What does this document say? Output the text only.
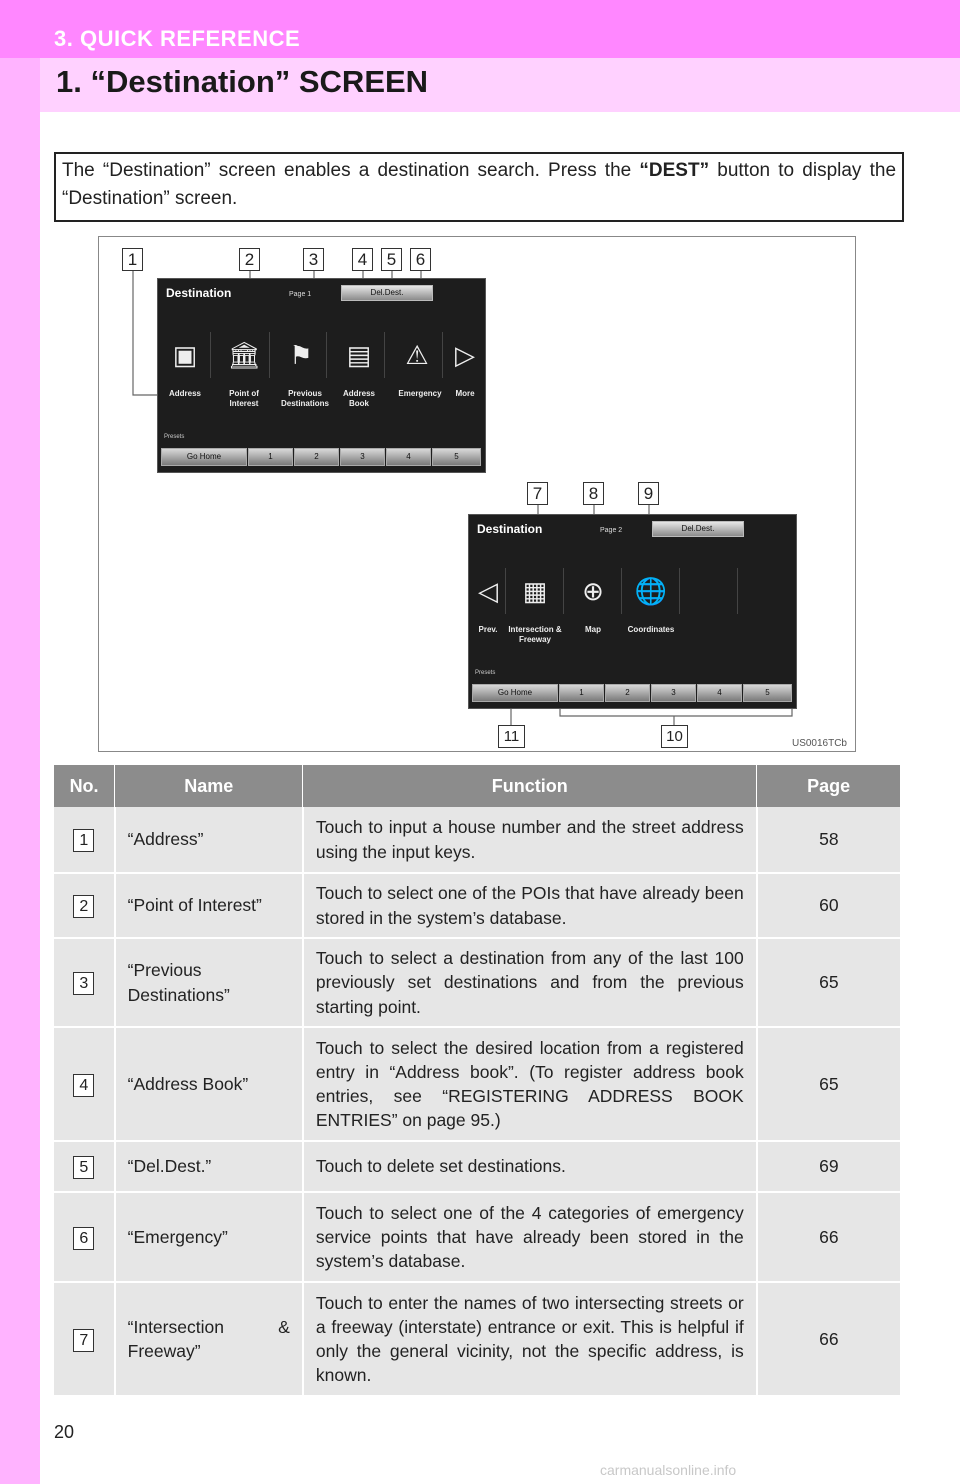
3. QUICK REFERENCE
1. “Destination” SCREEN
The “Destination” screen enables a destination search. Press the “DEST” button to display the “Destination” screen.
1	2	3	4	5	6
7	8	9
10
11
Destination	Page 1	Del.Dest.
▣ 🏛 ⚑ ▤ ⚠ ▷
Address	Point of Interest
Previous Destinations
Address Book
Emergency	More
Presets
Go Home	1	2	3	4	5
Destination	Page 2	Del.Dest.
◁ ▦ ⊕ 🌐
Prev.	Intersection & Freeway
Map	Coordinates
Presets
Go Home	1	2	3	4	5
US0016TCb
No.	Name	Function	Page
1	“Address”	Touch to input a house number and the street address using the input keys.	58
2	“Point of Interest”	Touch to select one of the POIs that have already been stored in the system’s database.	60
3	“Previous Destinations”	Touch to select a destination from any of the last 100 previously set destinations and from the previous starting point.	65
4	“Address Book”	Touch to select the desired location from a registered entry in “Address book”. (To register address book entries, see “REGISTERING ADDRESS BOOK ENTRIES” on page 95.)	65
5	“Del.Dest.”	Touch to delete set destinations.	69
6	“Emergency”	Touch to select one of the 4 categories of emergency service points that have already been stored in the system’s database.	66
7	“Intersection & Freeway”	Touch to enter the names of two intersecting streets or a freeway (interstate) entrance or exit. This is helpful if only the general vicinity, not the specific address, is known.	66
20
carmanualsonline.info
